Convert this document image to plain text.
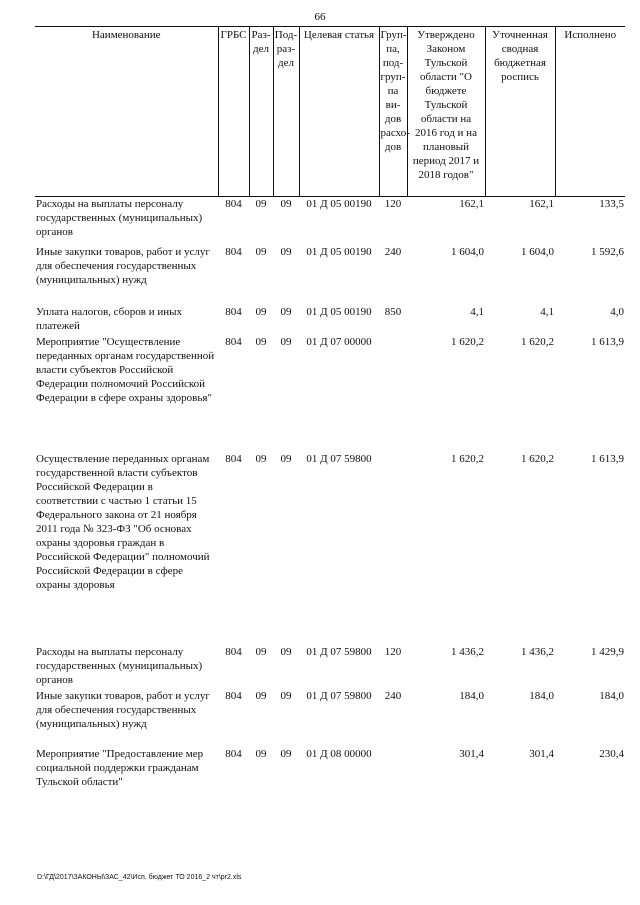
66
Наименование	ГРБС	Раз-дел	Под-раз-дел	Целевая статья	Груп-па, под-груп-па ви-дов расхо-дов	Утверждено Законом Тульской области "О бюджете Тульской области на 2016 год и на плановый период 2017 и 2018 годов"	Уточненная сводная бюджетная роспись	Исполнено
Расходы на выплаты персоналу государственных (муниципальных) органов	804	09	09	01 Д 05 00190	120	162,1	162,1	133,5
Иные закупки товаров, работ и услуг для обеспечения государственных (муниципальных) нужд	804	09	09	01 Д 05 00190	240	1 604,0	1 604,0	1 592,6
Уплата налогов, сборов и иных платежей	804	09	09	01 Д 05 00190	850	4,1	4,1	4,0
Мероприятие "Осуществление переданных органам государственной власти субъектов Российской Федерации полномочий Российской Федерации в сфере охраны здоровья"	804	09	09	01 Д 07 00000		1 620,2	1 620,2	1 613,9
Осуществление переданных органам государственной власти субъектов Российской Федерации в соответствии с частью 1 статьи 15 Федерального закона от 21 ноября 2011 года № 323-ФЗ "Об основах охраны здоровья граждан в Российской Федерации" полномочий Российской Федерации в сфере охраны здоровья	804	09	09	01 Д 07 59800		1 620,2	1 620,2	1 613,9
Расходы на выплаты персоналу государственных (муниципальных) органов	804	09	09	01 Д 07 59800	120	1 436,2	1 436,2	1 429,9
Иные закупки товаров, работ и услуг для обеспечения государственных (муниципальных) нужд	804	09	09	01 Д 07 59800	240	184,0	184,0	184,0
Мероприятие "Предоставление мер социальной поддержки гражданам Тульской области"	804	09	09	01 Д 08 00000		301,4	301,4	230,4
D:\ГД\2017\ЗАКОНЫ\ЗАС_42\Исп. бюджет ТО 2016_2 чт\pr2.xls
